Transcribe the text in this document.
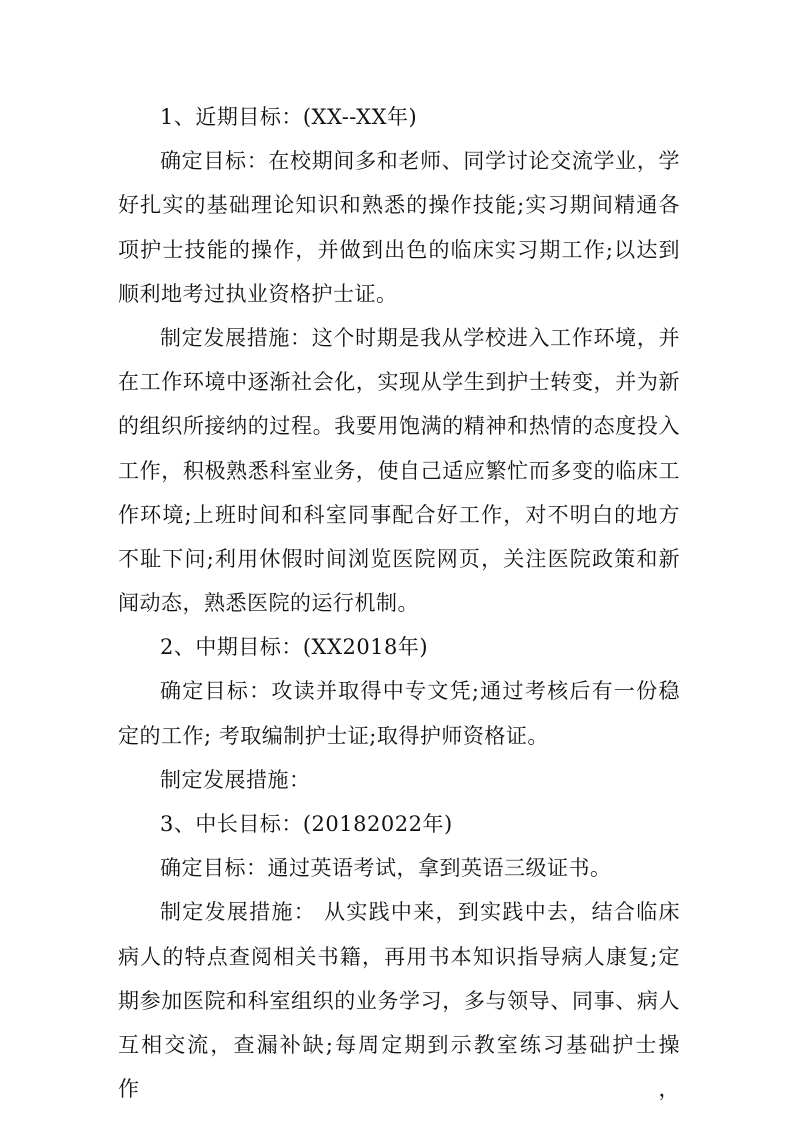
1、近期目标：(XX--XX年)
确定目标：在校期间多和老师、同学讨论交流学业，学
好扎实的基础理论知识和熟悉的操作技能;实习期间精通各
项护士技能的操作，并做到出色的临床实习期工作;以达到
顺利地考过执业资格护士证。
制定发展措施：这个时期是我从学校进入工作环境，并
在工作环境中逐渐社会化，实现从学生到护士转变，并为新
的组织所接纳的过程。我要用饱满的精神和热情的态度投入
工作，积极熟悉科室业务，使自己适应繁忙而多变的临床工
作环境;上班时间和科室同事配合好工作，对不明白的地方
不耻下问;利用休假时间浏览医院网页，关注医院政策和新
闻动态，熟悉医院的运行机制。
2、中期目标：(XX2018年)
确定目标：攻读并取得中专文凭;通过考核后有一份稳
定的工作; 考取编制护士证;取得护师资格证。
制定发展措施：
3、中长目标：(20182022年)
确定目标：通过英语考试，拿到英语三级证书。
制定发展措施： 从实践中来，到实践中去，结合临床
病人的特点查阅相关书籍，再用书本知识指导病人康复;定
期参加医院和科室组织的业务学习，多与领导、同事、病人
互相交流，查漏补缺;每周定期到示教室练习基础护士操作，
